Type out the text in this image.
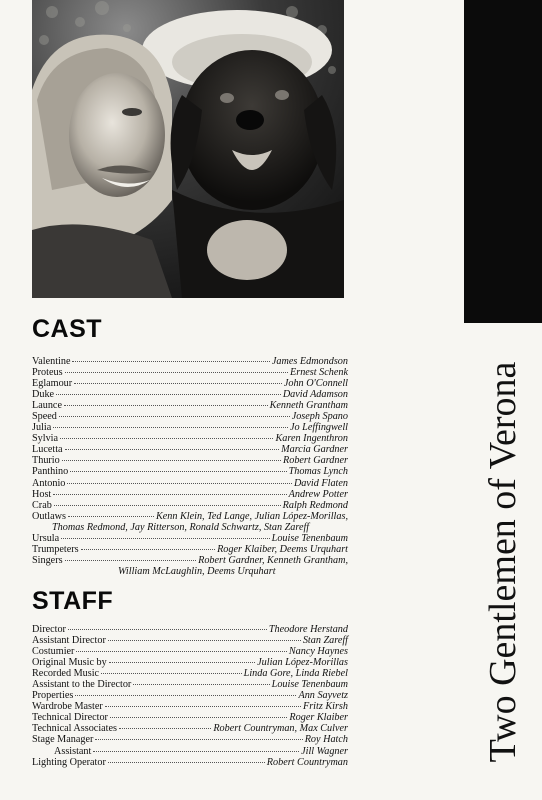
Two Gentlemen of Verona
CAST
Valentine	James Edmondson
Proteus	Ernest Schenk
Eglamour	John O'Connell
Duke	David Adamson
Launce	Kenneth Grantham
Speed	Joseph Spano
Julia	Jo Leffingwell
Sylvia	Karen Ingenthron
Lucetta	Marcia Gardner
Thurio	Robert Gardner
Panthino	Thomas Lynch
Antonio	David Flaten
Host	Andrew Potter
Crab	Ralph Redmond
Outlaws	Kenn Klein, Ted Lange, Julian López-Morillas,
Thomas Redmond, Jay Ritterson, Ronald Schwartz, Stan Zareff
Ursula	Louise Tenenbaum
Trumpeters	Roger Klaiber, Deems Urquhart
Singers	Robert Gardner, Kenneth Grantham,
William McLaughlin, Deems Urquhart
STAFF
Director	Theodore Herstand
Assistant Director	Stan Zareff
Costumier	Nancy Haynes
Original Music by	Julian López-Morillas
Recorded Music	Linda Gore, Linda Riebel
Assistant to the Director	Louise Tenenbaum
Properties	Ann Sayvetz
Wardrobe Master	Fritz Kirsh
Technical Director	Roger Klaiber
Technical Associates	Robert Countryman, Max Culver
Stage Manager	Roy Hatch
Assistant	Jill Wagner
Lighting Operator	Robert Countryman
